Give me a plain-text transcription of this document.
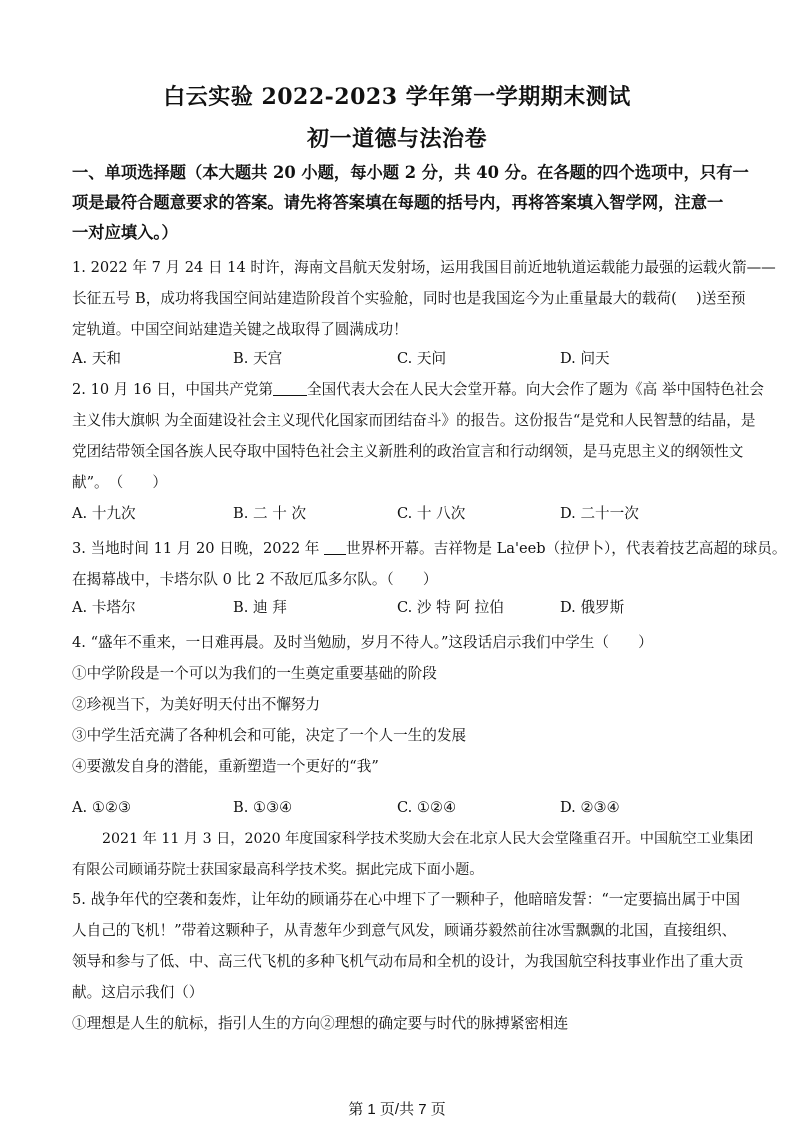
白云实验 2022-2023 学年第一学期期末测试
初一道德与法治卷
一、单项选择题（本大题共 20 小题，每小题 2 分，共 40 分。在各题的四个选项中，只有一
项是最符合题意要求的答案。请先将答案填在每题的括号内，再将答案填入智学网，注意一
一对应填入。）
1. 2022 年 7 月 24 日 14 时许，海南文昌航天发射场，运用我国目前近地轨道运载能力最强的运载火箭——
长征五号 B，成功将我国空间站建造阶段首个实验舱，同时也是我国迄今为止重量最大的载荷(　 )送至预
定轨道。中国空间站建造关键之战取得了圆满成功！
A. 天和	B. 天宫	C. 天问	D. 问天
2. 10 月 16 日，中国共产党第 全国代表大会在人民大会堂开幕。向大会作了题为《高 举中国特色社会
主义伟大旗帜 为全面建设社会主义现代化国家而团结奋斗》的报告。这份报告“是党和人民智慧的结晶，是
党团结带领全国各族人民夺取中国特色社会主义新胜利的政治宣言和行动纲领，是马克思主义的纲领性文
献”。　（　　）
A. 十九次	B. 二 十 次	C. 十 八次	D. 二十一次
3. 当地时间 11 月 20 日晚，2022 年 世界杯开幕。吉祥物是 La'eeb（拉伊卜），代表着技艺高超的球员。
在揭幕战中，卡塔尔队 0 比 2 不敌厄瓜多尔队。（　　）
A. 卡塔尔	B. 迪 拜	C. 沙 特 阿 拉伯	D. 俄罗斯
4. “盛年不重来，一日难再晨。及时当勉励，岁月不待人。”这段话启示我们中学生（　　）
①中学阶段是一个可以为我们的一生奠定重要基础的阶段
②珍视当下，为美好明天付出不懈努力
③中学生活充满了各种机会和可能，决定了一个人一生的发展
④要激发自身的潜能，重新塑造一个更好的“我”
A. ①②③	B. ①③④	C. ①②④	D. ②③④
2021 年 11 月 3 日，2020 年度国家科学技术奖励大会在北京人民大会堂隆重召开。中国航空工业集团
有限公司顾诵芬院士获国家最高科学技术奖。据此完成下面小题。
5. 战争年代的空袭和轰炸，让年幼的顾诵芬在心中埋下了一颗种子，他暗暗发誓：“一定要搞出属于中国
人自己的飞机！”带着这颗种子，从青葱年少到意气风发，顾诵芬毅然前往冰雪飘飘的北国，直接组织、
领导和参与了低、中、高三代飞机的多种飞机气动布局和全机的设计，为我国航空科技事业作出了重大贡
献。这启示我们（）
①理想是人生的航标，指引人生的方向②理想的确定要与时代的脉搏紧密相连
第 1 页/共 7 页
